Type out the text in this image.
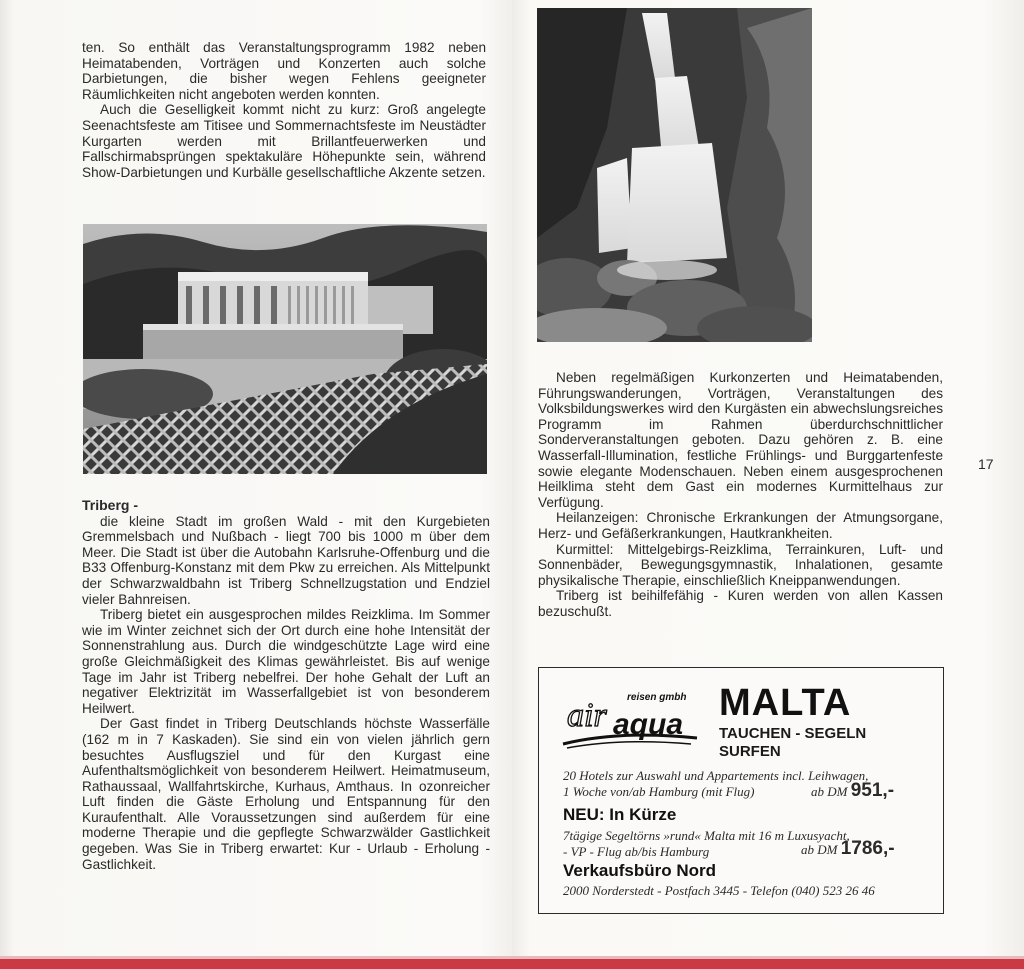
ten. So enthält das Veranstaltungsprogramm 1982 neben Heimatabenden, Vorträgen und Konzerten auch solche Darbietungen, die bisher wegen Fehlens geeigneter Räumlichkeiten nicht angeboten werden konnten.

Auch die Geselligkeit kommt nicht zu kurz: Groß angelegte Seenachtsfeste am Titisee und Sommernachtsfeste im Neustädter Kurgarten werden mit Brillantfeuerwerken und Fallschirmabsprüngen spektakuläre Höhepunkte sein, während Show-Darbietungen und Kurbälle gesellschaftliche Akzente setzen.

Triberg -

die kleine Stadt im großen Wald - mit den Kurgebieten Gremmelsbach und Nußbach - liegt 700 bis 1000 m über dem Meer. Die Stadt ist über die Autobahn Karlsruhe-Offenburg und die B33 Offenburg-Konstanz mit dem Pkw zu erreichen. Als Mittelpunkt der Schwarzwaldbahn ist Triberg Schnellzugstation und Endziel vieler Bahnreisen.

Triberg bietet ein ausgesprochen mildes Reizklima. Im Sommer wie im Winter zeichnet sich der Ort durch eine hohe Intensität der Sonnenstrahlung aus. Durch die windgeschützte Lage wird eine große Gleichmäßigkeit des Klimas gewährleistet. Bis auf wenige Tage im Jahr ist Triberg nebelfrei. Der hohe Gehalt der Luft an negativer Elektrizität im Wasserfallgebiet ist von besonderem Heilwert.

Der Gast findet in Triberg Deutschlands höchste Wasserfälle (162 m in 7 Kaskaden). Sie sind ein von vielen jährlich gern besuchtes Ausflugsziel und für den Kurgast eine Aufenthaltsmöglichkeit von besonderem Heilwert. Heimatmuseum, Rathaussaal, Wallfahrtskirche, Kurhaus, Amthaus. In ozonreicher Luft finden die Gäste Erholung und Entspannung für den Kuraufenthalt. Alle Voraussetzungen sind außerdem für eine moderne Therapie und die gepflegte Schwarzwälder Gastlichkeit gegeben. Was Sie in Triberg erwartet: Kur - Urlaub - Erholung - Gastlichkeit.

Neben regelmäßigen Kurkonzerten und Heimatabenden, Führungswanderungen, Vorträgen, Veranstaltungen des Volksbildungswerkes wird den Kurgästen ein abwechslungsreiches Programm im Rahmen überdurchschnittlicher Sonderveranstaltungen geboten. Dazu gehören z. B. eine Wasserfall-Illumination, festliche Frühlings- und Burggartenfeste sowie elegante Modenschauen. Neben einem ausgesprochenen Heilklima steht dem Gast ein modernes Kurmittelhaus zur Verfügung.

Heilanzeigen: Chronische Erkrankungen der Atmungsorgane, Herz- und Gefäßerkrankungen, Hautkrankheiten.

Kurmittel: Mittelgebirgs-Reizklima, Terrainkuren, Luft- und Sonnenbäder, Bewegungsgymnastik, Inhalationen, gesamte physikalische Therapie, einschließlich Kneippanwendungen.

Triberg ist beihilfefähig - Kuren werden von allen Kassen bezuschußt.

17
air aqua
reisen gmbh MALTA
TAUCHEN - SEGELN
SURFEN
20 Hotels zur Auswahl und Appartements incl. Leihwagen,
1 Woche von/ab Hamburg (mit Flug)	ab DM 951,-
NEU: In Kürze
7tägige Segeltörns »rund« Malta mit 16 m Luxusyacht,
- VP - Flug ab/bis Hamburg	ab DM 1786,-
Verkaufsbüro Nord
2000 Norderstedt - Postfach 3445 - Telefon (040) 523 26 46
